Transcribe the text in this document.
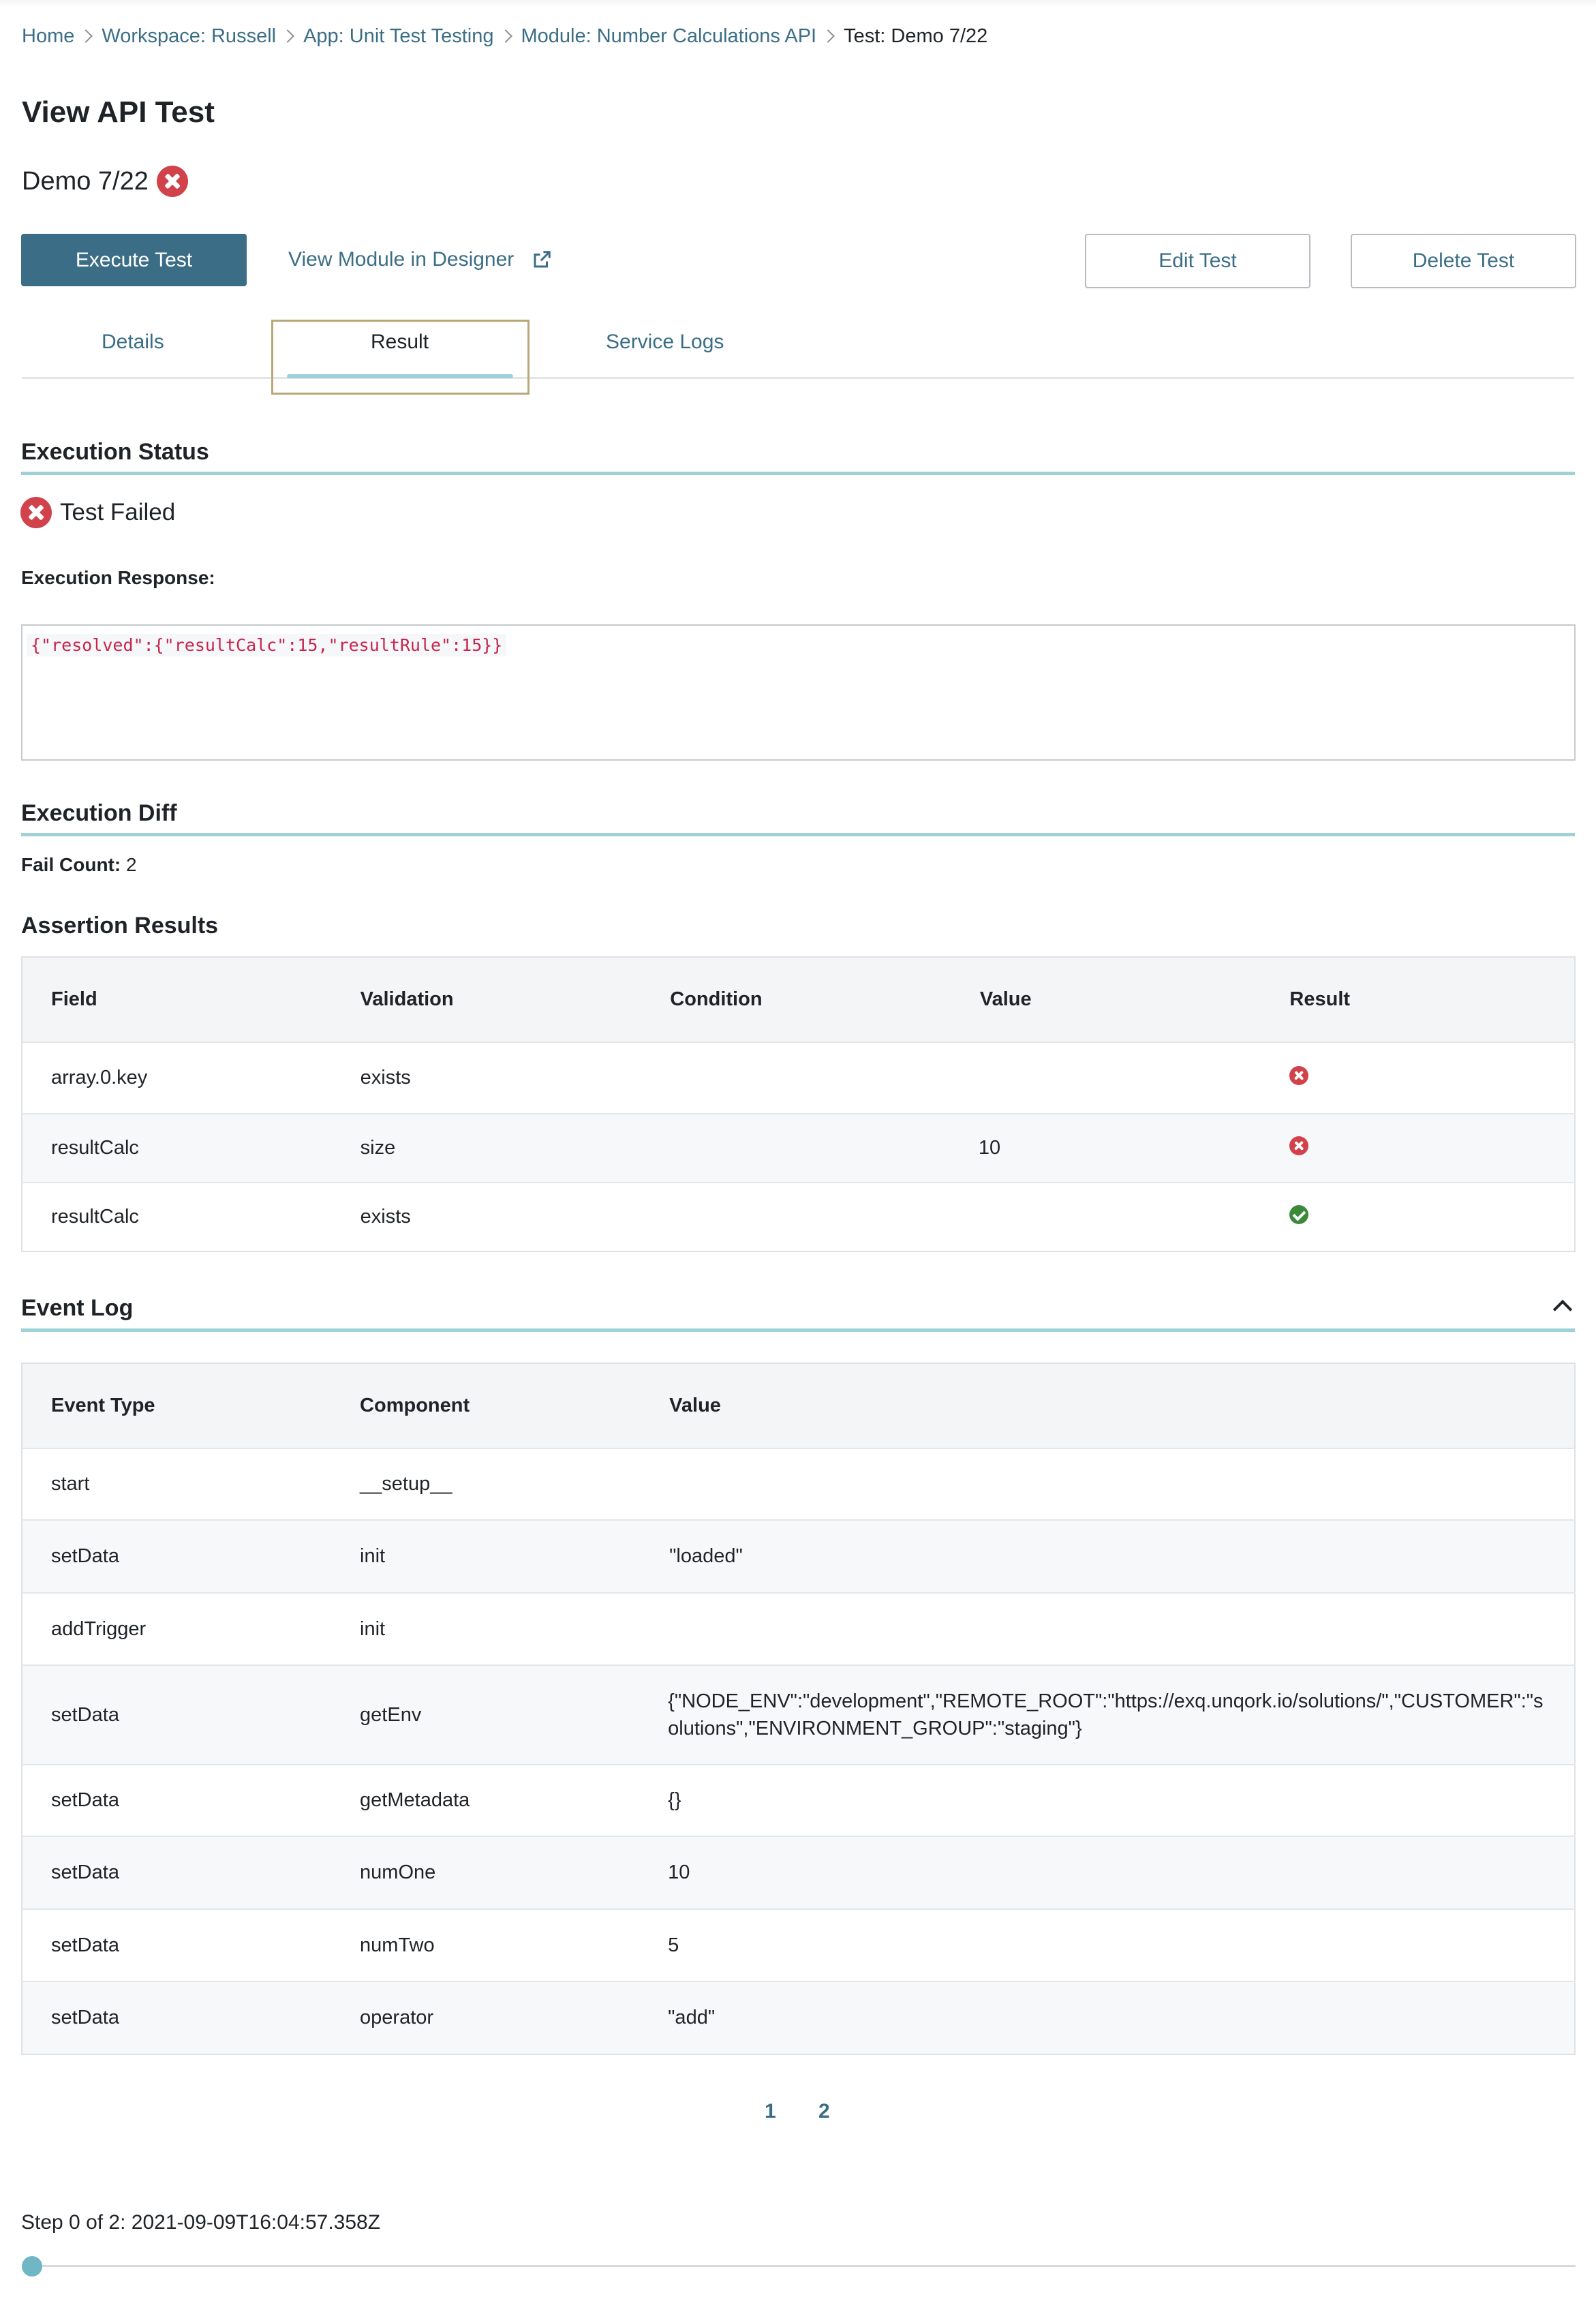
Home Workspace: Russell App: Unit Test Testing Module: Number Calculations API Test: Demo 7/22
View API Test
Demo 7/22
Execute Test	View Module in Designer	Edit Test	Delete Test
Details	Result	Service Logs
Execution Status
Test Failed
Execution Response:
{"resolved":{"resultCalc":15,"resultRule":15}}
Execution Diff
Fail Count: 2
Assertion Results
Field	Validation	Condition	Value	Result
array.0.key	exists			
resultCalc	size		10	
resultCalc	exists			
Event Log
Event Type	Component	Value
start	__setup__	
setData	init	"loaded"
addTrigger	init	
setData	getEnv	{"NODE_ENV":"development","REMOTE_ROOT":"https://exq.unqork.io/solutions/","CUSTOMER":"s
olutions","ENVIRONMENT_GROUP":"staging"}

setData	getMetadata	{}
setData	numOne	10
setData	numTwo	5
setData	operator	"add"
1 2
Step 0 of 2: 2021-09-09T16:04:57.358Z
